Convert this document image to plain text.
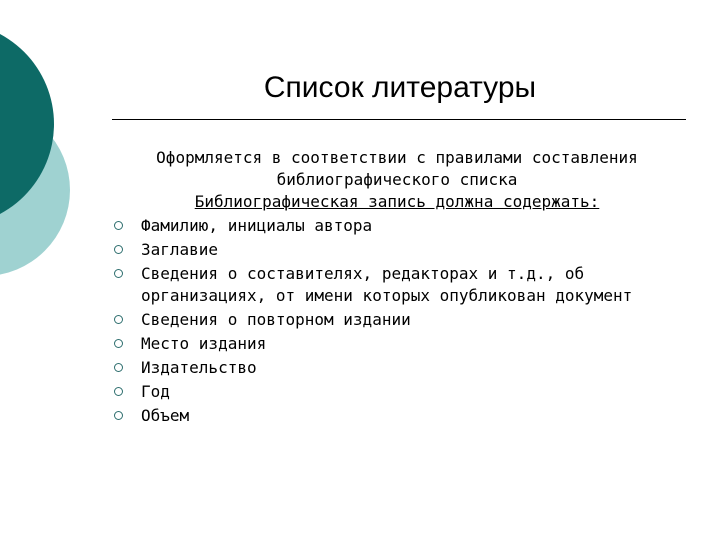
Список литературы

Оформляется в соответствии с правилами составления библиографического списка

Библиографическая запись должна содержать:

Фамилию, инициалы автора
Заглавие
Сведения о составителях, редакторах и т.д., об организациях, от имени которых опубликован документ
Сведения о повторном издании
Место издания
Издательство
Год
Объем
